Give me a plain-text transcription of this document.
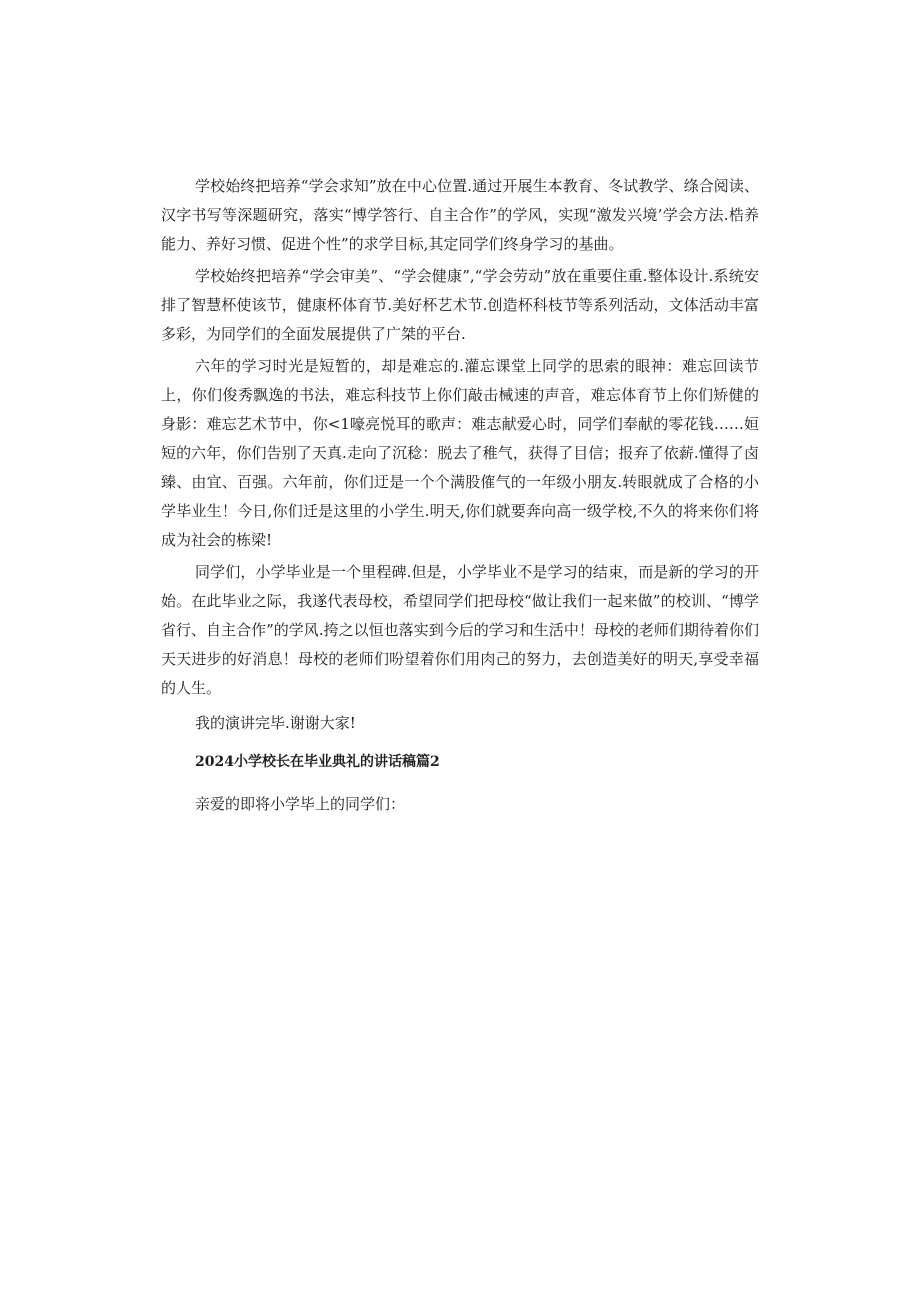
学校始终把培养“学会求知”放在中心位置.通过开展生本教育、冬试教学、绦合阅读、汉字书写等深题研究，落实“博学答行、自主合作”的学风，实现“激发兴境’学会方法.梏养能力、养好习惯、促进个性”的求学目标,其定同学们终身学习的基曲。

学校始终把培养“学会审美”、“学会健康”,“学会劳动”放在重要住重.整体设计.系统安排了智慧杯使该节，健康杯体育节.美好杯艺术节.创造杯科枝节等系列活动，文体活动丰富多彩，为同学们的全面发展提供了广桀的平台.

六年的学习时光是短暂的，却是难忘的.灌忘课堂上同学的思索的眼神：难忘回读节上，你们俊秀飘逸的书法，难忘科技节上你们敲击械速的声音，难忘体育节上你们矫健的身影：难忘艺术节中，你<1嚎亮悦耳的歌声：难志献爱心时，同学们奉献的零花钱……姮短的六年，你们告别了天真.走向了沉稔：脱去了稚气，获得了目信；报弃了依薪.懂得了卤臻、由宜、百强。六年前，你们迂是一个个满股傕气的一年级小朋友.转眼就成了合格的小学毕业生！今日,你们迁是这里的小学生.明天,你们就要奔向高一级学校,不久的将来你们将成为社会的栋梁!

同学们，小学毕业是一个里程碑.但是，小学毕业不是学习的结束，而是新的学习的开始。在此毕业之际，我遂代表母校，希望同学们把母校“做让我们一起来做”的校训、“博学省行、自主合作”的学风.挎之以恒也落实到今后的学习和生活中！母校的老师们期待着你们天天进步的好消息！母校的老师们吩望着你们用肉己的努力，去创造美好的明天,享受幸福的人生。

我的演讲完毕.谢谢大家!

2024小学校长在毕业典礼的讲话稿篇2

亲爱的即将小学毕上的同学们：
